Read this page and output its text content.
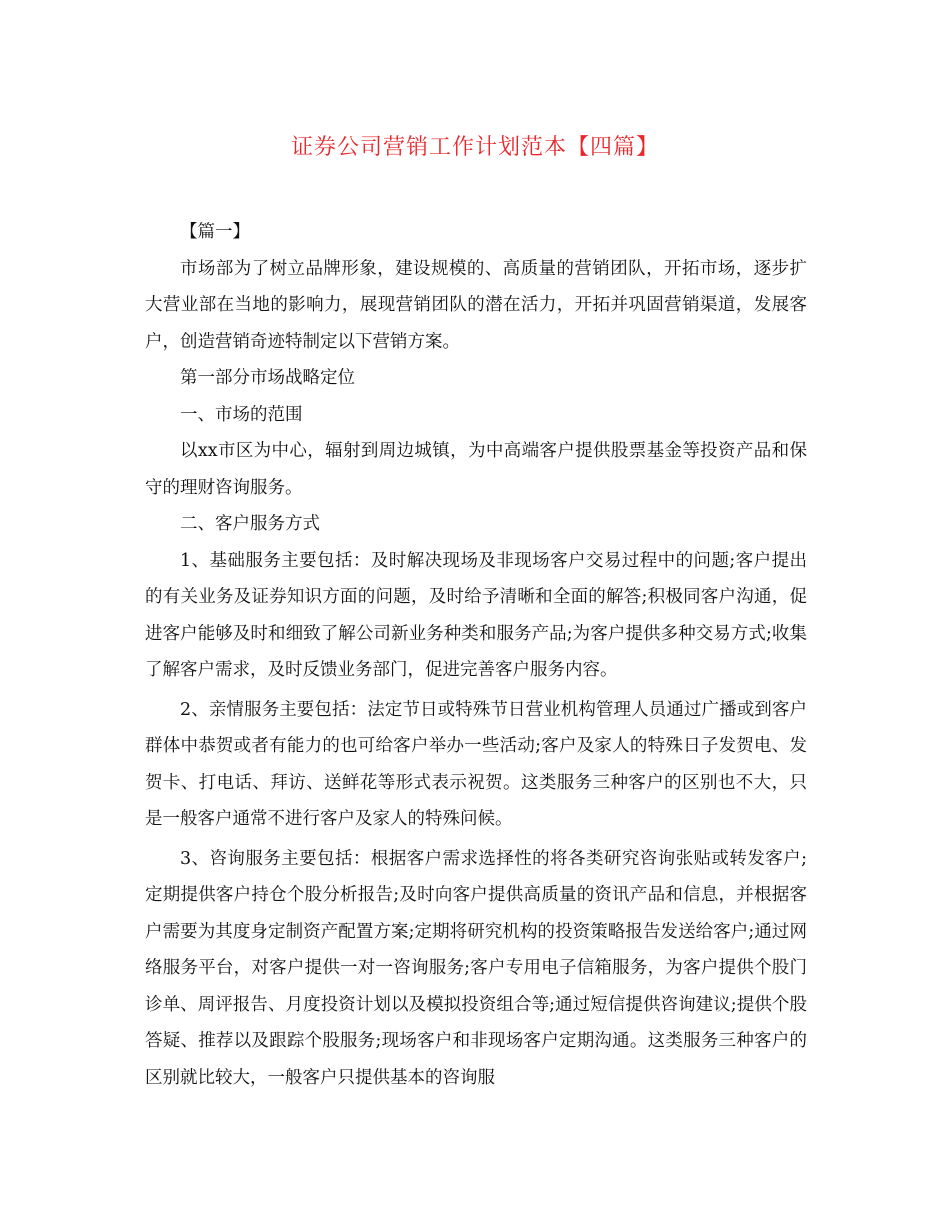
证券公司营销工作计划范本【四篇】

【篇一】

市场部为了树立品牌形象，建设规模的、高质量的营销团队，开拓市场，逐步扩大营业部在当地的影响力，展现营销团队的潜在活力，开拓并巩固营销渠道，发展客户，创造营销奇迹特制定以下营销方案。

第一部分市场战略定位

一、市场的范围

以xx市区为中心，辐射到周边城镇，为中高端客户提供股票基金等投资产品和保守的理财咨询服务。

二、客户服务方式

1、基础服务主要包括：及时解决现场及非现场客户交易过程中的问题;客户提出的有关业务及证券知识方面的问题，及时给予清晰和全面的解答;积极同客户沟通，促进客户能够及时和细致了解公司新业务种类和服务产品;为客户提供多种交易方式;收集了解客户需求，及时反馈业务部门，促进完善客户服务内容。

2、亲情服务主要包括：法定节日或特殊节日营业机构管理人员通过广播或到客户群体中恭贺或者有能力的也可给客户举办一些活动;客户及家人的特殊日子发贺电、发贺卡、打电话、拜访、送鲜花等形式表示祝贺。这类服务三种客户的区别也不大，只是一般客户通常不进行客户及家人的特殊问候。

3、咨询服务主要包括：根据客户需求选择性的将各类研究咨询张贴或转发客户;定期提供客户持仓个股分析报告;及时向客户提供高质量的资讯产品和信息，并根据客户需要为其度身定制资产配置方案;定期将研究机构的投资策略报告发送给客户;通过网络服务平台，对客户提供一对一咨询服务;客户专用电子信箱服务，为客户提供个股门诊单、周评报告、月度投资计划以及模拟投资组合等;通过短信提供咨询建议;提供个股答疑、推荐以及跟踪个股服务;现场客户和非现场客户定期沟通。这类服务三种客户的区别就比较大，一般客户只提供基本的咨询服
